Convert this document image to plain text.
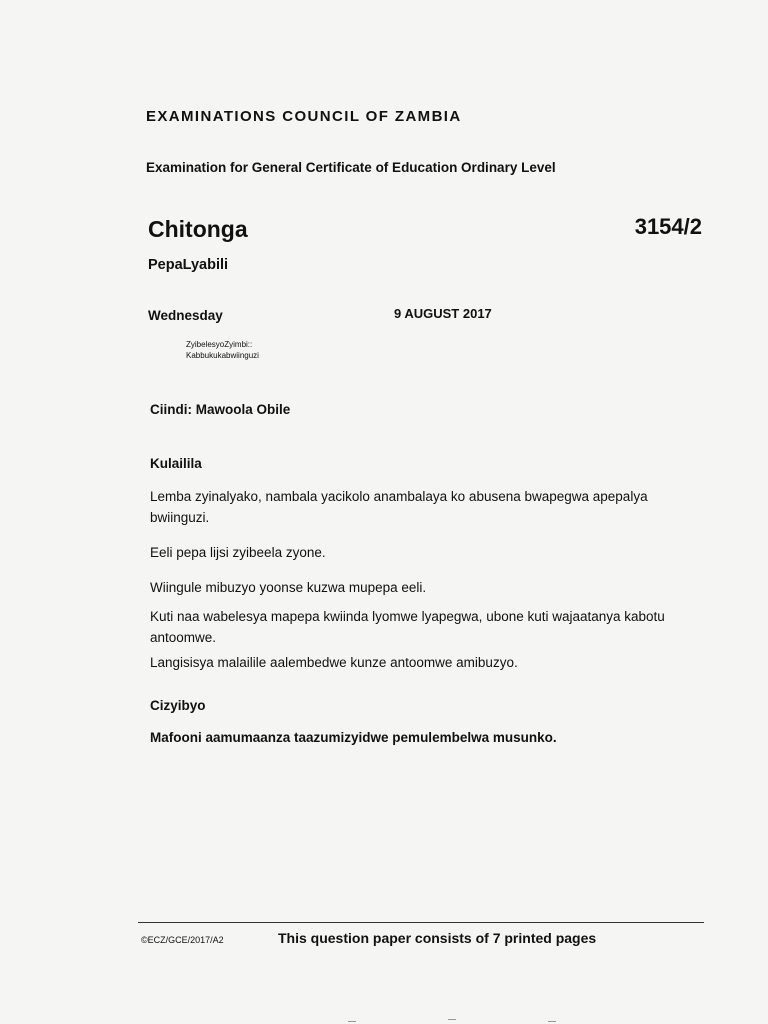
EXAMINATIONS COUNCIL OF ZAMBIA
Examination for General Certificate of Education Ordinary Level
Chitonga	3154/2
PepaLyabili
Wednesday	9 AUGUST 2017
ZyibelesyoZyimbi::
Kabbukukabwiinguzi
Ciindi: Mawoola Obile
Kulailila
Lemba zyinalyako, nambala yacikolo anambalaya ko abusena bwapegwa apepalya bwiinguzi.
Eeli pepa lijsi zyibeela zyone.
Wiingule mibuzyo yoonse kuzwa mupepa eeli.
Kuti naa wabelesya mapepa kwiinda lyomwe lyapegwa, ubone kuti wajaatanya kabotu antoomwe.
Langisisya malailile aalembedwe kunze antoomwe amibuzyo.
Cizyibyo
Mafooni aamumaanza taazumizyidwe pemulembelwa musunko.
©ECZ/GCE/2017/A2	This question paper consists of 7 printed pages
